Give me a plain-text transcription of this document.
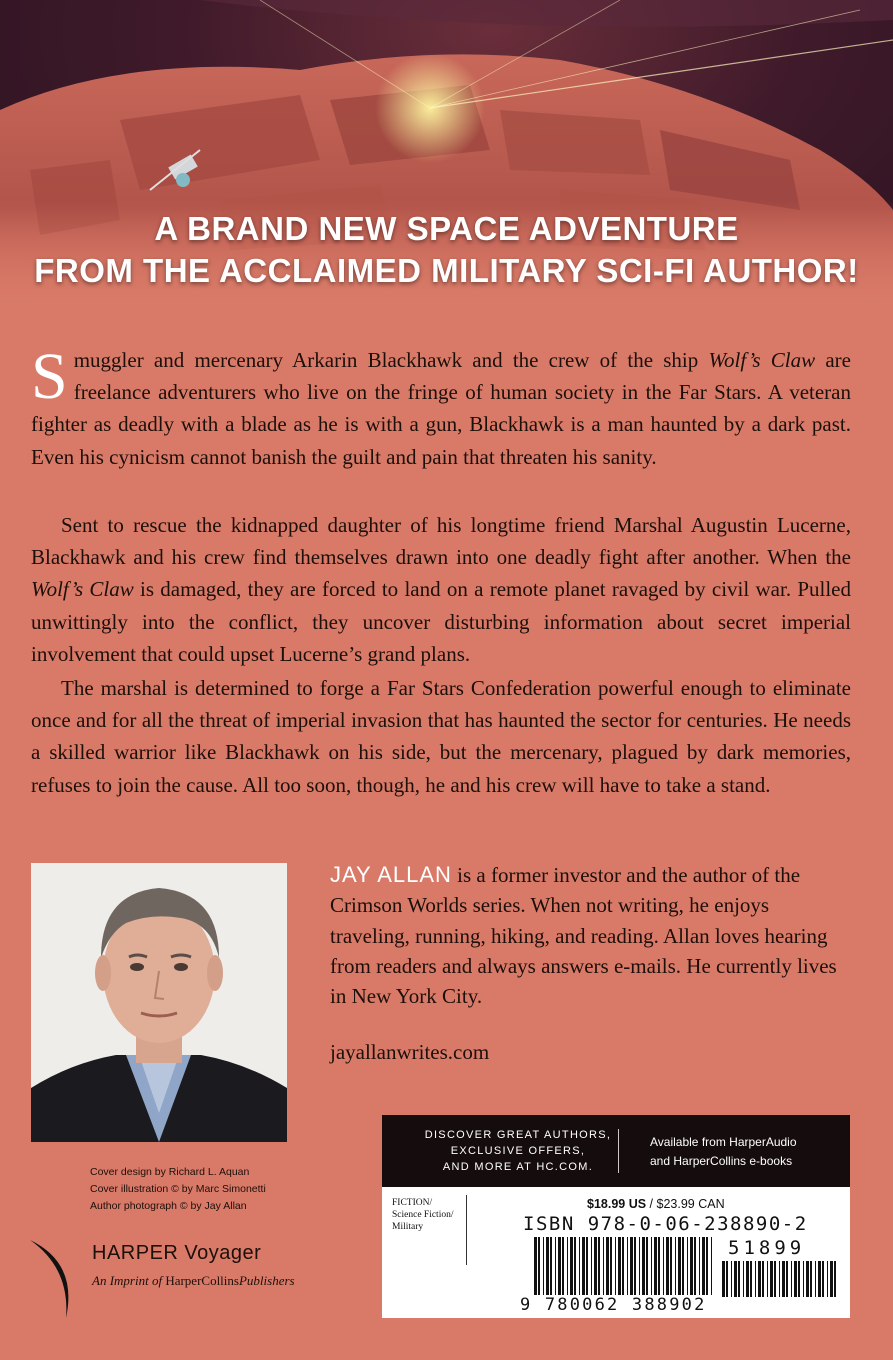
A BRAND NEW SPACE ADVENTURE
FROM THE ACCLAIMED MILITARY SCI-FI AUTHOR!

Smuggler and mercenary Arkarin Blackhawk and the crew of the ship Wolf’s Claw are freelance adventurers who live on the fringe of human society in the Far Stars. A veteran fighter as deadly with a blade as he is with a gun, Blackhawk is a man haunted by a dark past. Even his cynicism cannot banish the guilt and pain that threaten his sanity.

Sent to rescue the kidnapped daughter of his longtime friend Marshal Augustin Lucerne, Blackhawk and his crew find themselves drawn into one deadly fight after another. When the Wolf’s Claw is damaged, they are forced to land on a remote planet ravaged by civil war. Pulled unwittingly into the conflict, they uncover disturbing information about secret imperial involvement that could upset Lucerne’s grand plans.

The marshal is determined to forge a Far Stars Confederation powerful enough to eliminate once and for all the threat of imperial invasion that has haunted the sector for centuries. He needs a skilled warrior like Blackhawk on his side, but the mercenary, plagued by dark memories, refuses to join the cause. All too soon, though, he and his crew will have to take a stand.

JAY ALLAN is a former investor and the author of the Crimson Worlds series. When not writing, he enjoys traveling, running, hiking, and reading. Allan loves hearing from readers and always answers e-mails. He currently lives in New York City.

jayallanwrites.com
Cover design by Richard L. Aquan
Cover illustration © by Marc Simonetti
Author photograph © by Jay Allan
HARPER Voyager
An Imprint of HarperCollinsPublishers
DISCOVER GREAT AUTHORS,
EXCLUSIVE OFFERS,
AND MORE AT HC.COM.
Available from HarperAudio
and HarperCollins e-books
FICTION/
Science Fiction/
Military
$18.99 US / $23.99 CAN
ISBN 978-0-06-238890-2
51899
9 780062 388902
